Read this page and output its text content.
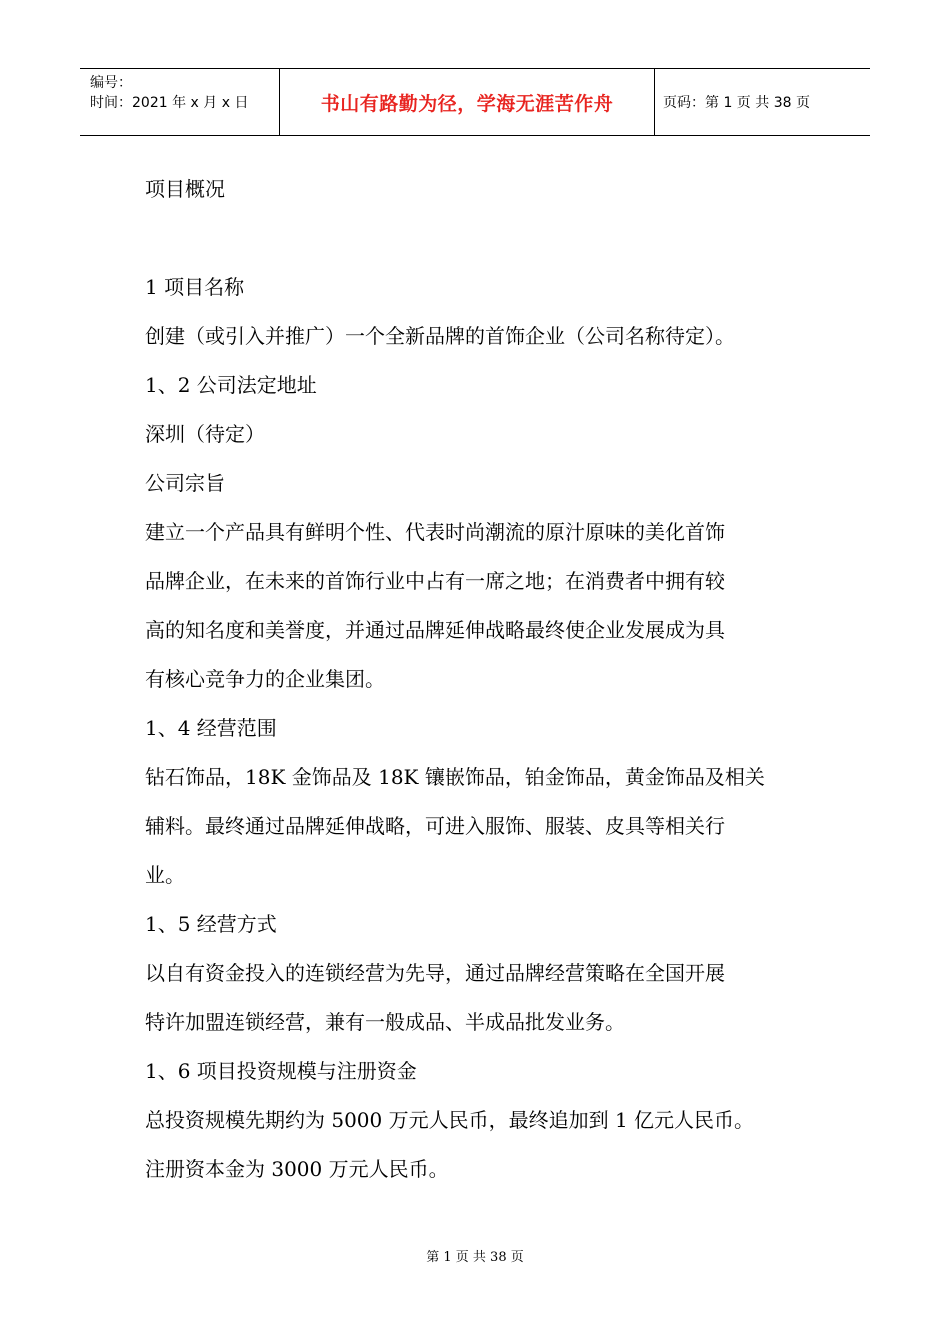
编号：
时间：2021 年 x 月 x 日	书山有路勤为径，学海无涯苦作舟	页码：第 1 页 共 38 页

项目概况

1 项目名称

创建（或引入并推广）一个全新品牌的首饰企业（公司名称待定）。

1、2 公司法定地址

深圳（待定）

公司宗旨

建立一个产品具有鲜明个性、代表时尚潮流的原汁原味的美化首饰

品牌企业，在未来的首饰行业中占有一席之地；在消费者中拥有较

高的知名度和美誉度，并通过品牌延伸战略最终使企业发展成为具

有核心竞争力的企业集团。

1、4 经营范围

钻石饰品，18K 金饰品及 18K 镶嵌饰品，铂金饰品，黄金饰品及相关

辅料。最终通过品牌延伸战略，可进入服饰、服装、皮具等相关行

业。

1、5 经营方式

以自有资金投入的连锁经营为先导，通过品牌经营策略在全国开展

特许加盟连锁经营，兼有一般成品、半成品批发业务。

1、6 项目投资规模与注册资金

总投资规模先期约为 5000 万元人民币，最终追加到 1 亿元人民币。

注册资本金为 3000 万元人民币。

第 1 页 共 38 页
